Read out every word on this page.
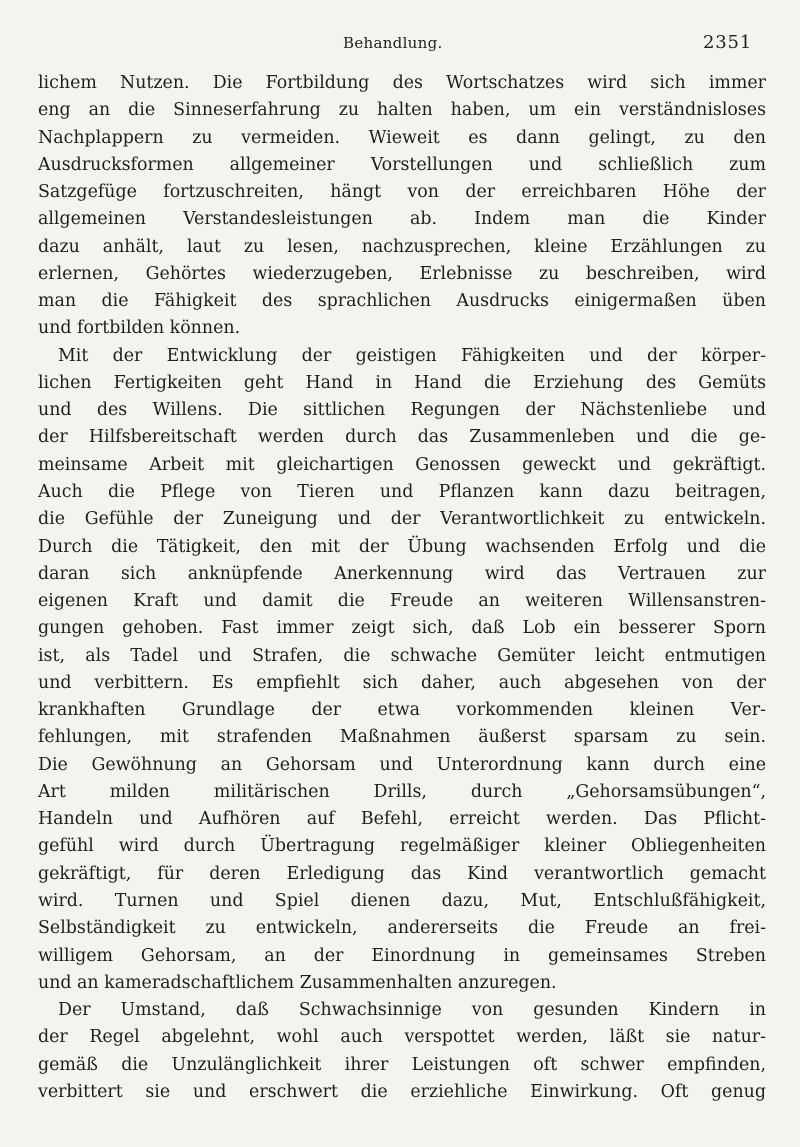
Behandlung.	2351
lichem Nutzen. Die Fortbildung des Wortschatzes wird sich immer
eng an die Sinneserfahrung zu halten haben, um ein verständnisloses
Nachplappern zu vermeiden. Wieweit es dann gelingt, zu den
Ausdrucksformen allgemeiner Vorstellungen und schließlich zum
Satzgefüge fortzuschreiten, hängt von der erreichbaren Höhe der
allgemeinen Verstandesleistungen ab. Indem man die Kinder
dazu anhält, laut zu lesen, nachzusprechen, kleine Erzählungen zu
erlernen, Gehörtes wiederzugeben, Erlebnisse zu beschreiben, wird
man die Fähigkeit des sprachlichen Ausdrucks einigermaßen üben
und fortbilden können.
Mit der Entwicklung der geistigen Fähigkeiten und der körper-
lichen Fertigkeiten geht Hand in Hand die Erziehung des Gemüts
und des Willens. Die sittlichen Regungen der Nächstenliebe und
der Hilfsbereitschaft werden durch das Zusammenleben und die ge-
meinsame Arbeit mit gleichartigen Genossen geweckt und gekräftigt.
Auch die Pflege von Tieren und Pflanzen kann dazu beitragen,
die Gefühle der Zuneigung und der Verantwortlichkeit zu entwickeln.
Durch die Tätigkeit, den mit der Übung wachsenden Erfolg und die
daran sich anknüpfende Anerkennung wird das Vertrauen zur
eigenen Kraft und damit die Freude an weiteren Willensanstren-
gungen gehoben. Fast immer zeigt sich, daß Lob ein besserer Sporn
ist, als Tadel und Strafen, die schwache Gemüter leicht entmutigen
und verbittern. Es empfiehlt sich daher, auch abgesehen von der
krankhaften Grundlage der etwa vorkommenden kleinen Ver-
fehlungen, mit strafenden Maßnahmen äußerst sparsam zu sein.
Die Gewöhnung an Gehorsam und Unterordnung kann durch eine
Art milden militärischen Drills, durch „Gehorsamsübungen“,
Handeln und Aufhören auf Befehl, erreicht werden. Das Pflicht-
gefühl wird durch Übertragung regelmäßiger kleiner Obliegenheiten
gekräftigt, für deren Erledigung das Kind verantwortlich gemacht
wird. Turnen und Spiel dienen dazu, Mut, Entschlußfähigkeit,
Selbständigkeit zu entwickeln, andererseits die Freude an frei-
willigem Gehorsam, an der Einordnung in gemeinsames Streben
und an kameradschaftlichem Zusammenhalten anzuregen.
Der Umstand, daß Schwachsinnige von gesunden Kindern in
der Regel abgelehnt, wohl auch verspottet werden, läßt sie natur-
gemäß die Unzulänglichkeit ihrer Leistungen oft schwer empfinden,
verbittert sie und erschwert die erziehliche Einwirkung. Oft genug
